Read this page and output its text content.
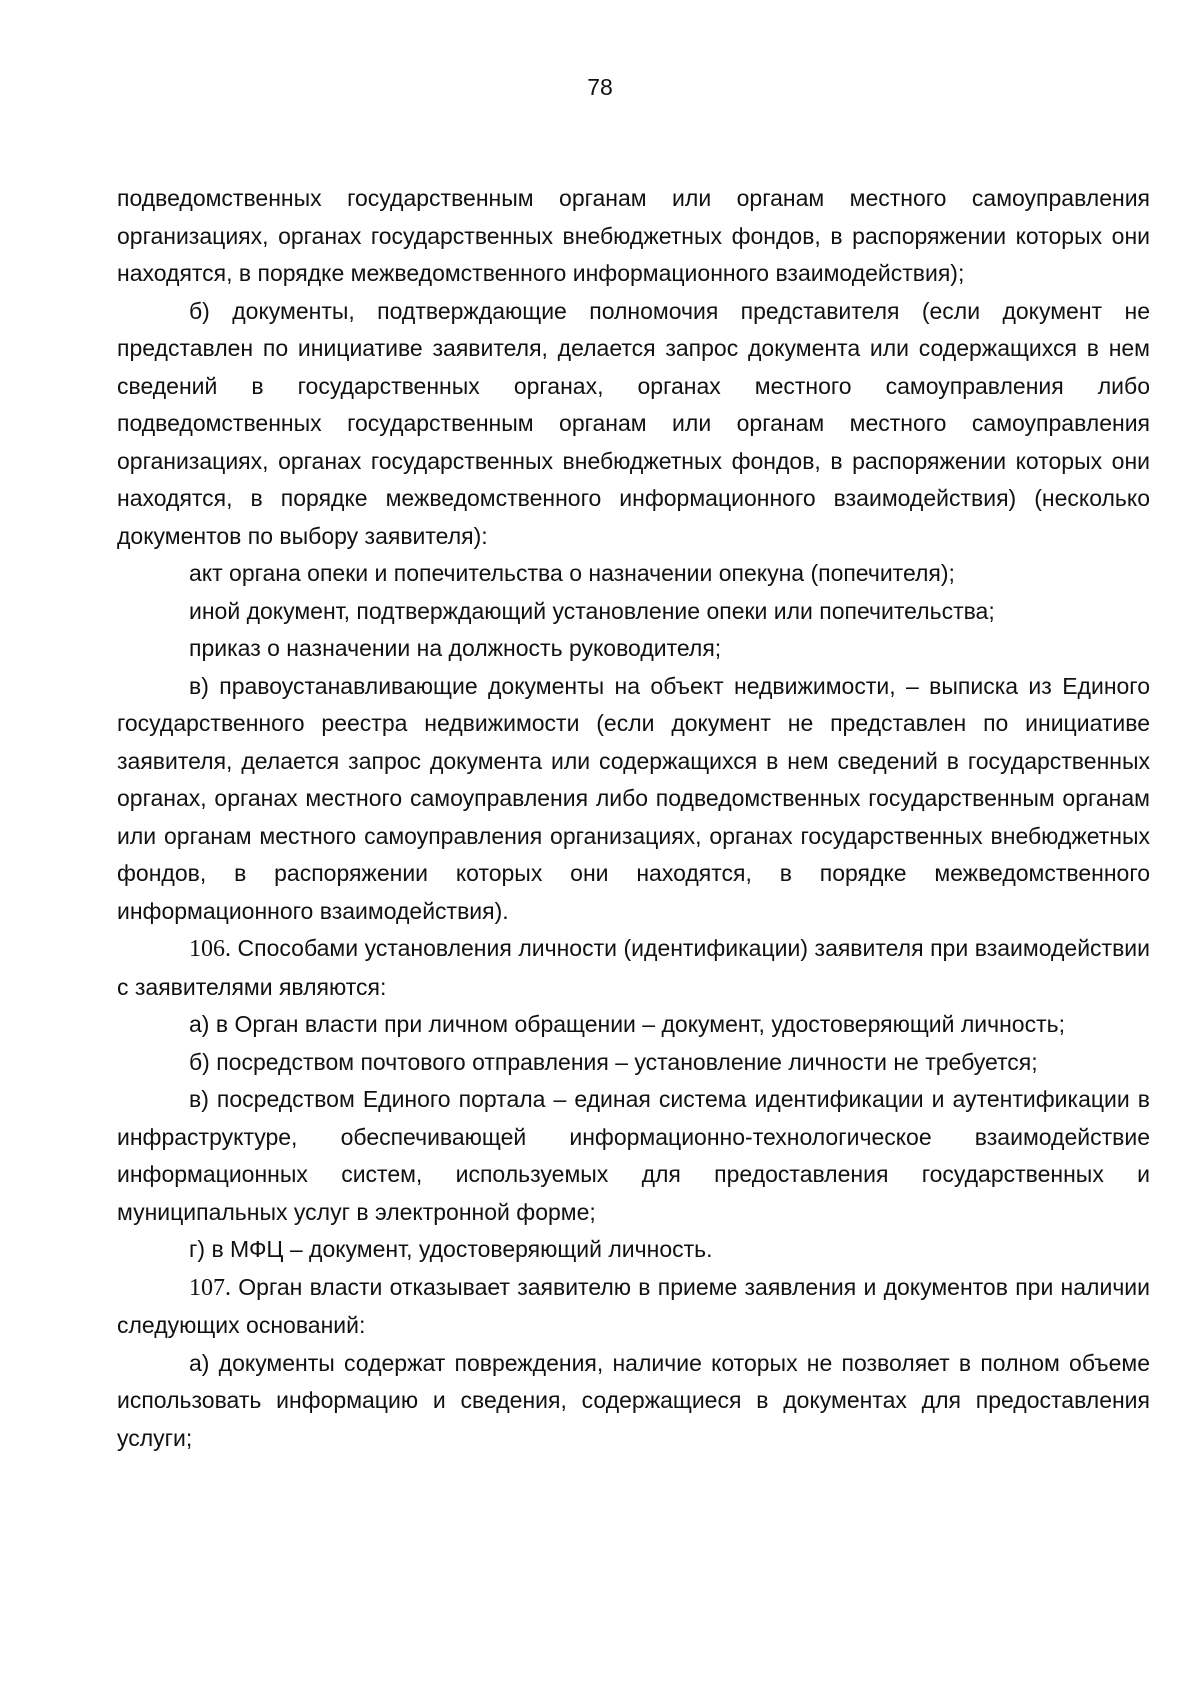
78

подведомственных государственным органам или органам местного самоуправления организациях, органах государственных внебюджетных фондов, в распоряжении которых они находятся, в порядке межведомственного информационного взаимодействия);

б) документы, подтверждающие полномочия представителя (если документ не представлен по инициативе заявителя, делается запрос документа или содержащихся в нем сведений в государственных органах, органах местного самоуправления либо подведомственных государственным органам или органам местного самоуправления организациях, органах государственных внебюджетных фондов, в распоряжении которых они находятся, в порядке межведомственного информационного взаимодействия) (несколько документов по выбору заявителя):

акт органа опеки и попечительства о назначении опекуна (попечителя);

иной документ, подтверждающий установление опеки или попечительства;

приказ о назначении на должность руководителя;

в) правоустанавливающие документы на объект недвижимости, – выписка из Единого государственного реестра недвижимости (если документ не представлен по инициативе заявителя, делается запрос документа или содержащихся в нем сведений в государственных органах, органах местного самоуправления либо подведомственных государственным органам или органам местного самоуправления организациях, органах государственных внебюджетных фондов, в распоряжении которых они находятся, в порядке межведомственного информационного взаимодействия).

106. Способами установления личности (идентификации) заявителя при взаимодействии с заявителями являются:

а) в Орган власти при личном обращении – документ, удостоверяющий личность;

б) посредством почтового отправления – установление личности не требуется;

в) посредством Единого портала – единая система идентификации и аутентификации в инфраструктуре, обеспечивающей информационно-технологическое взаимодействие информационных систем, используемых для предоставления государственных и муниципальных услуг в электронной форме;

г) в МФЦ – документ, удостоверяющий личность.

107. Орган власти отказывает заявителю в приеме заявления и документов при наличии следующих оснований:

а) документы содержат повреждения, наличие которых не позволяет в полном объеме использовать информацию и сведения, содержащиеся в документах для предоставления услуги;
